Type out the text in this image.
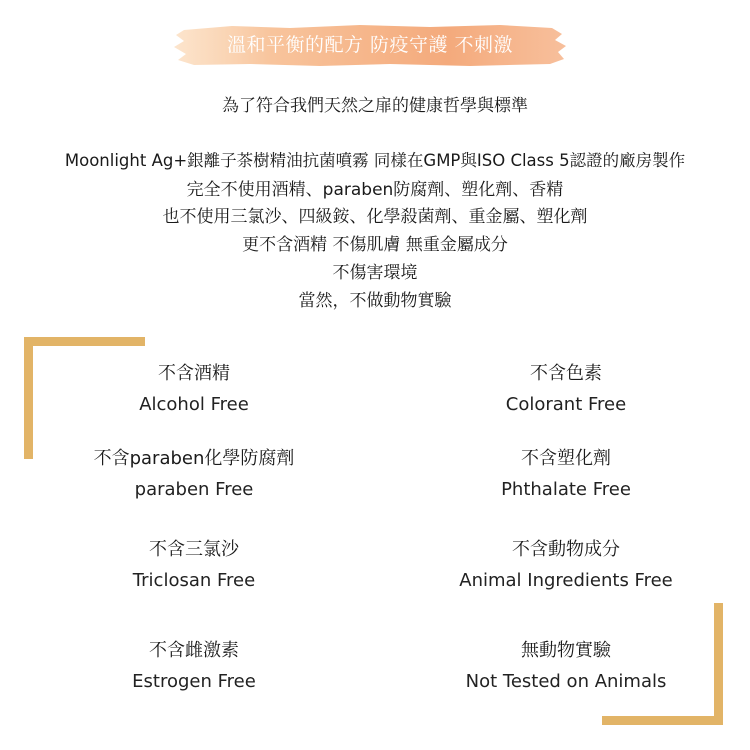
溫和平衡的配方 防疫守護 不刺激
為了符合我們天然之扉的健康哲學與標準
Moonlight Ag+銀離子茶樹精油抗菌噴霧 同樣在GMP與ISO Class 5認證的廠房製作
完全不使用酒精、paraben防腐劑、塑化劑、香精
也不使用三氯沙、四級銨、化學殺菌劑、重金屬、塑化劑
更不含酒精 不傷肌膚 無重金屬成分
不傷害環境
當然，不做動物實驗
不含酒精
Alcohol Free
不含色素
Colorant Free
不含paraben化學防腐劑
paraben Free
不含塑化劑
Phthalate Free
不含三氯沙
Triclosan Free
不含動物成分
Animal Ingredients Free
不含雌激素
Estrogen Free
無動物實驗
Not Tested on Animals
